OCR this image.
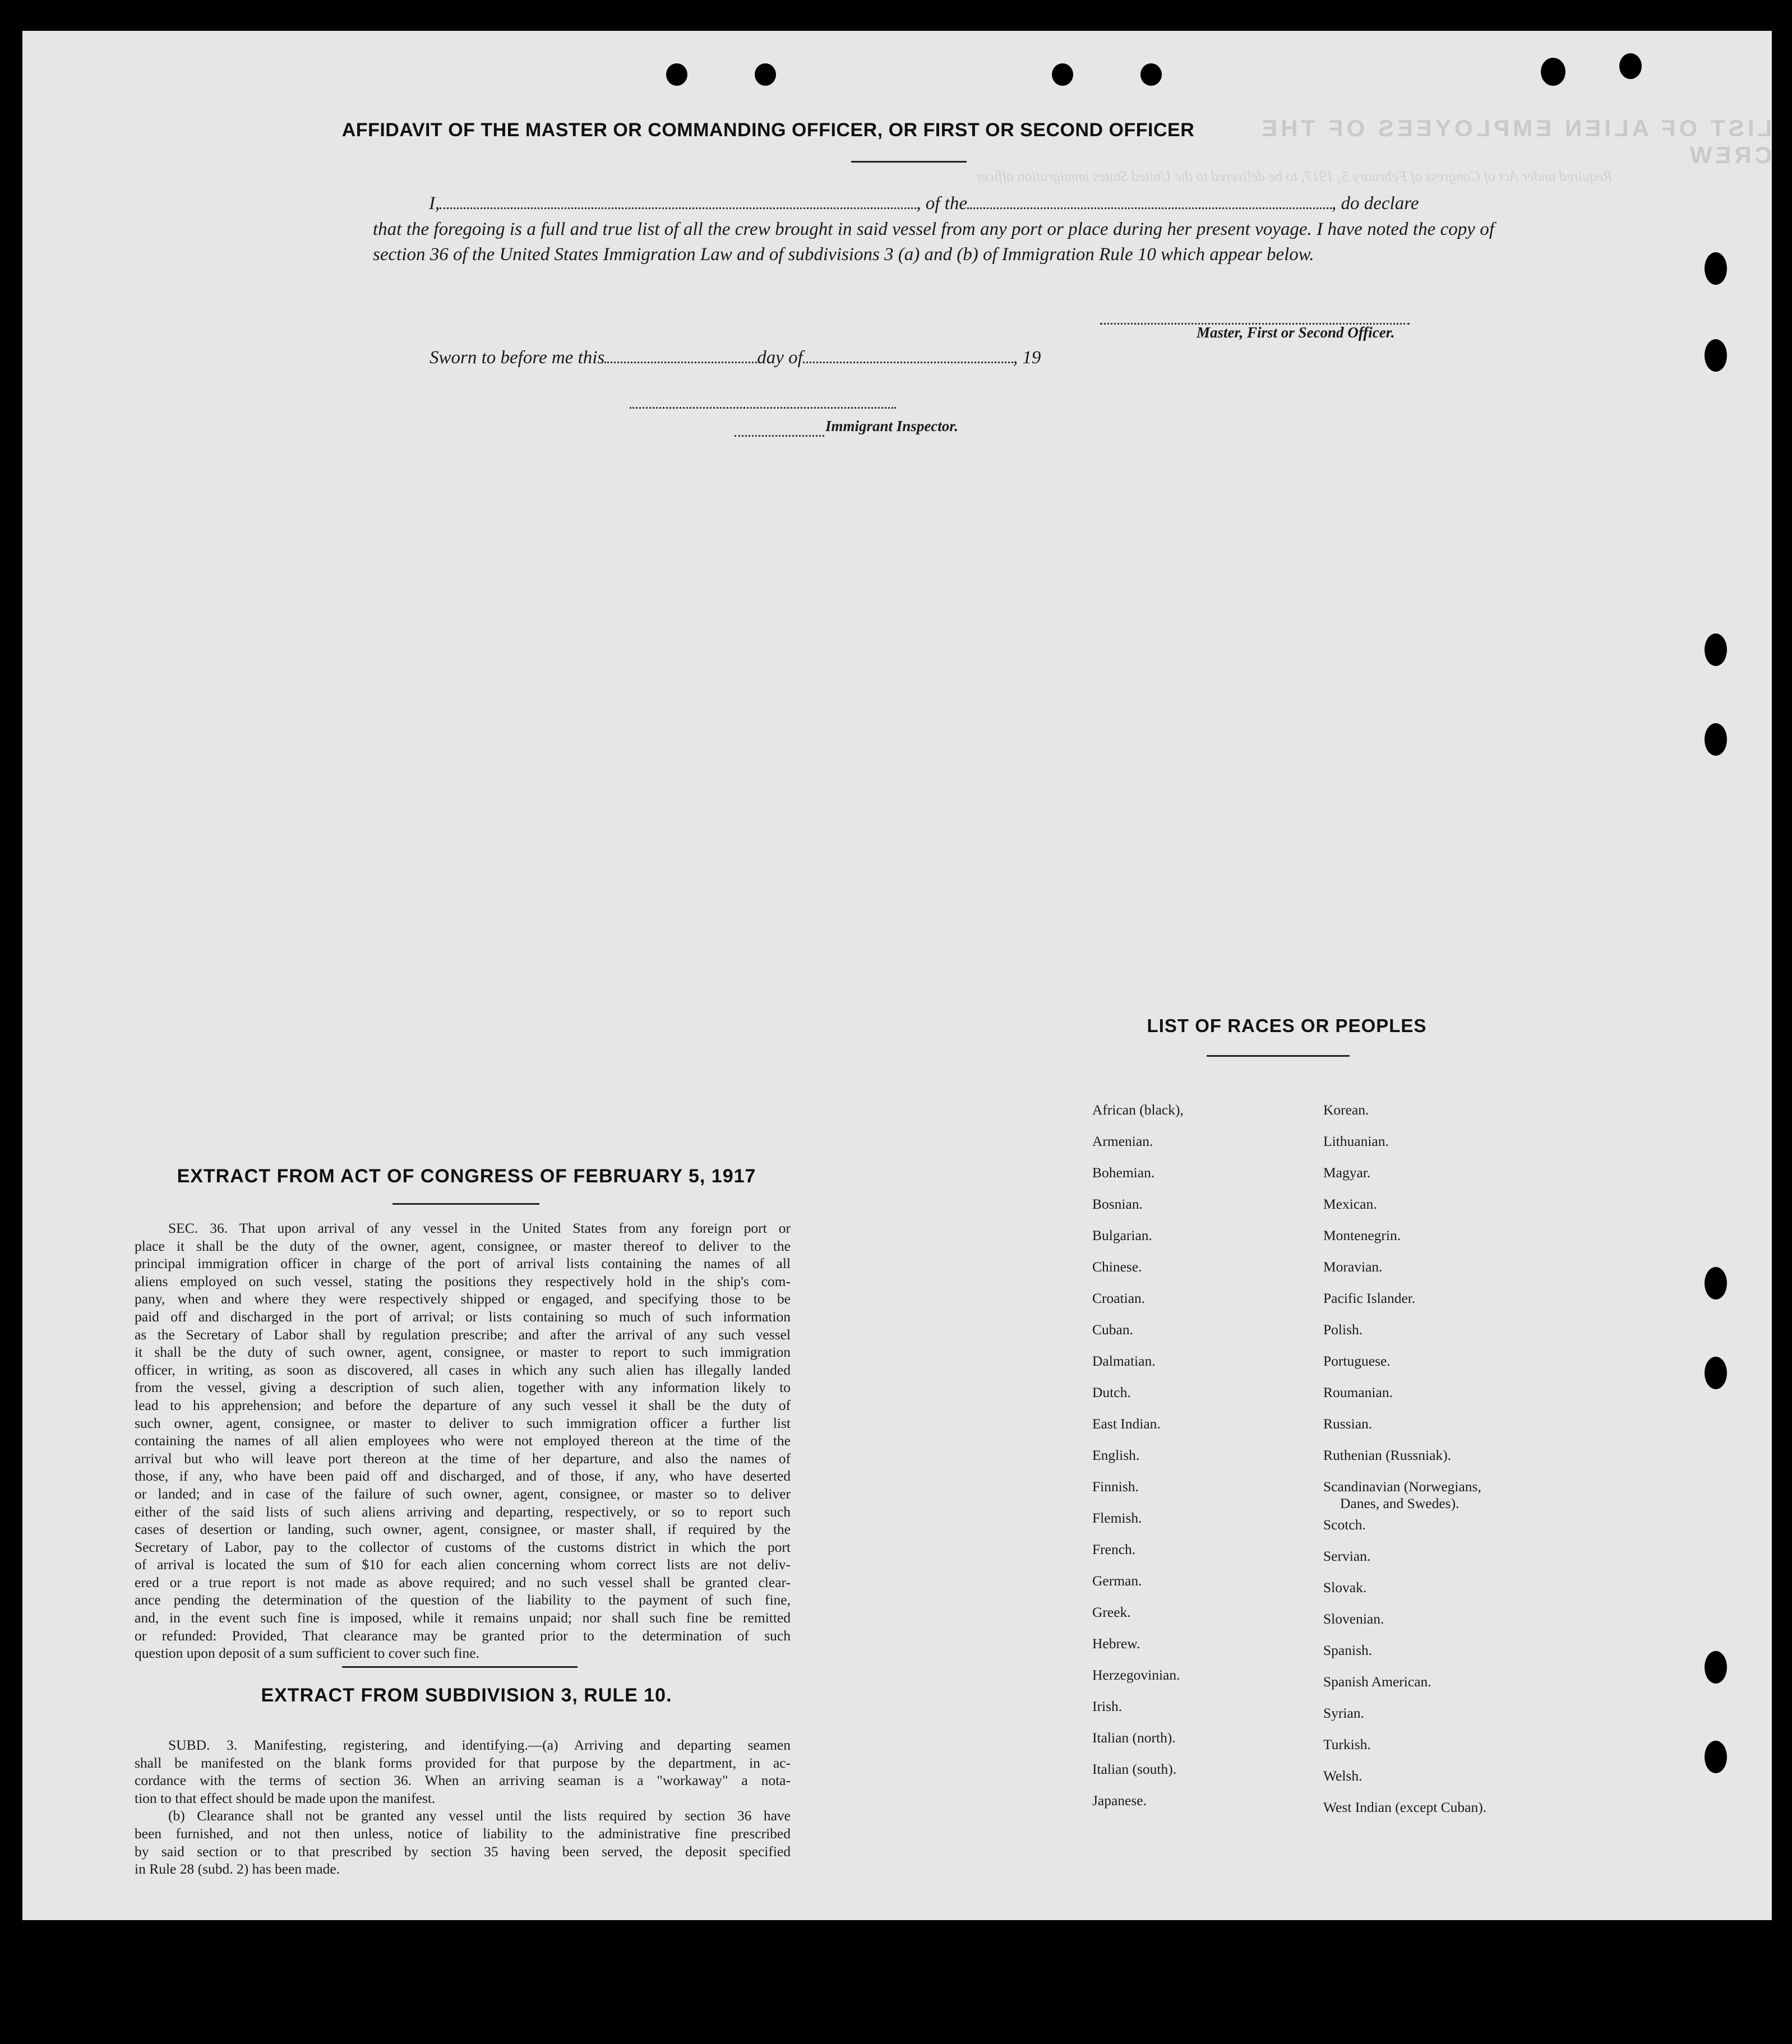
LIST OF ALIEN EMPLOYEES OF THE CREW
Required under Act of Congress of February 5, 1917, to be delivered to the United States immigration officer
AFFIDAVIT OF THE MASTER OR COMMANDING OFFICER, OR FIRST OR SECOND OFFICER
I,	, of the	, do declare
that the foregoing is a full and true list of all the crew brought in said vessel from any port or place during her present voyage. I have noted the copy of section 36 of the United States Immigration Law and of subdivisions 3 (a) and (b) of Immigration Rule 10 which appear below.
Master, First or Second Officer.
Sworn to before me this	day of	, 19
Immigrant Inspector.
EXTRACT FROM ACT OF CONGRESS OF FEBRUARY 5, 1917

SEC. 36. That upon arrival of any vessel in the United States from any foreign port or

place it shall be the duty of the owner, agent, consignee, or master thereof to deliver to the

principal immigration officer in charge of the port of arrival lists containing the names of all

aliens employed on such vessel, stating the positions they respectively hold in the ship's com-

pany, when and where they were respectively shipped or engaged, and specifying those to be

paid off and discharged in the port of arrival; or lists containing so much of such information

as the Secretary of Labor shall by regulation prescribe; and after the arrival of any such vessel

it shall be the duty of such owner, agent, consignee, or master to report to such immigration

officer, in writing, as soon as discovered, all cases in which any such alien has illegally landed

from the vessel, giving a description of such alien, together with any information likely to

lead to his apprehension; and before the departure of any such vessel it shall be the duty of

such owner, agent, consignee, or master to deliver to such immigration officer a further list

containing the names of all alien employees who were not employed thereon at the time of the

arrival but who will leave port thereon at the time of her departure, and also the names of

those, if any, who have been paid off and discharged, and of those, if any, who have deserted

or landed; and in case of the failure of such owner, agent, consignee, or master so to deliver

either of the said lists of such aliens arriving and departing, respectively, or so to report such

cases of desertion or landing, such owner, agent, consignee, or master shall, if required by the

Secretary of Labor, pay to the collector of customs of the customs district in which the port

of arrival is located the sum of $10 for each alien concerning whom correct lists are not deliv-

ered or a true report is not made as above required; and no such vessel shall be granted clear-

ance pending the determination of the question of the liability to the payment of such fine,

and, in the event such fine is imposed, while it remains unpaid; nor shall such fine be remitted

or refunded: Provided, That clearance may be granted prior to the determination of such

question upon deposit of a sum sufficient to cover such fine.

EXTRACT FROM SUBDIVISION 3, RULE 10.

SUBD. 3. Manifesting, registering, and identifying.—(a) Arriving and departing seamen

shall be manifested on the blank forms provided for that purpose by the department, in ac-

cordance with the terms of section 36. When an arriving seaman is a "workaway" a nota-

tion to that effect should be made upon the manifest.

(b) Clearance shall not be granted any vessel until the lists required by section 36 have

been furnished, and not then unless, notice of liability to the administrative fine prescribed

by said section or to that prescribed by section 35 having been served, the deposit specified

in Rule 28 (subd. 2) has been made.

LIST OF RACES OR PEOPLES
African (black),
Armenian.
Bohemian.
Bosnian.
Bulgarian.
Chinese.
Croatian.
Cuban.
Dalmatian.
Dutch.
East Indian.
English.
Finnish.
Flemish.
French.
German.
Greek.
Hebrew.
Herzegovinian.
Irish.
Italian (north).
Italian (south).
Japanese.
Korean.
Lithuanian.
Magyar.
Mexican.
Montenegrin.
Moravian.
Pacific Islander.
Polish.
Portuguese.
Roumanian.
Russian.
Ruthenian (Russniak).
Scandinavian (Norwegians,
Danes, and Swedes).
Scotch.
Servian.
Slovak.
Slovenian.
Spanish.
Spanish American.
Syrian.
Turkish.
Welsh.
West Indian (except Cuban).
